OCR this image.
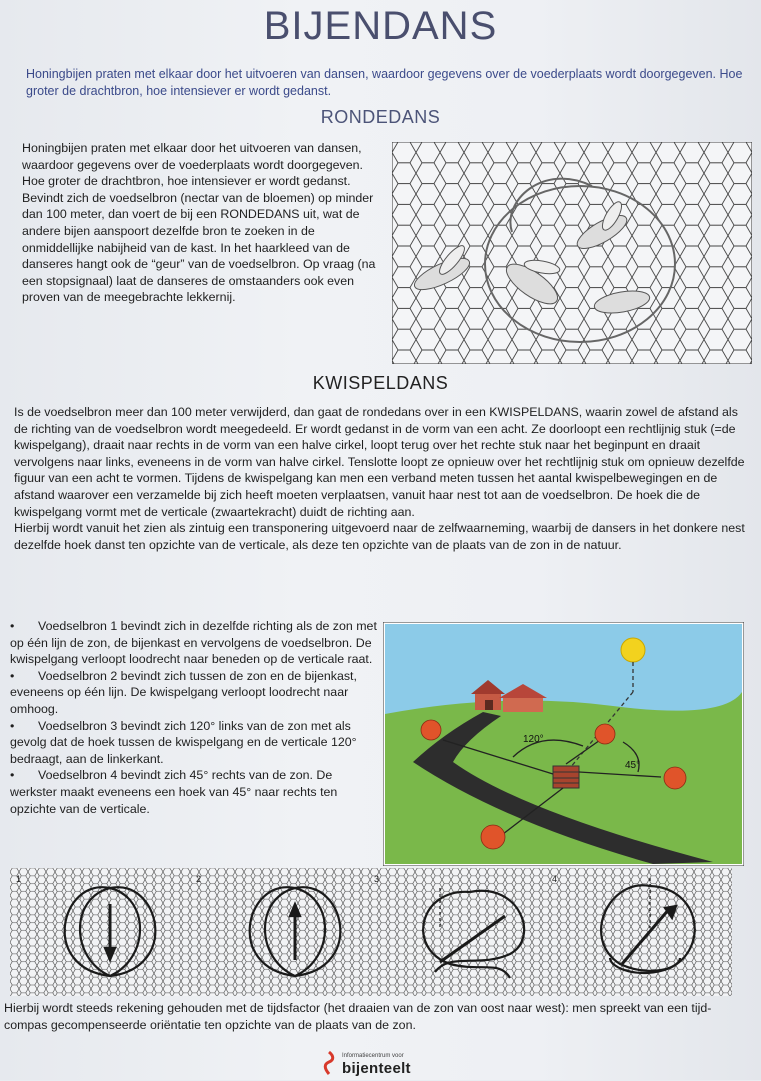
BIJENDANS
Honingbijen praten met elkaar door het uitvoeren van dansen, waardoor gegevens over de voederplaats wordt doorgegeven. Hoe groter de drachtbron, hoe intensiever er wordt gedanst.
RONDEDANS

Honingbijen praten met elkaar door het uitvoeren van dansen, waardoor gegevens over de voederplaats wordt doorgegeven. Hoe groter de drachtbron, hoe intensiever er wordt gedanst.

Bevindt zich de voedselbron (nectar van de bloemen) op minder dan 100 meter, dan voert de bij een RONDEDANS uit, wat de andere bijen aanspoort dezelfde bron te zoeken in de onmiddellijke nabijheid van de kast. In het haarkleed van de danseres hangt ook de “geur” van de voedselbron. Op vraag (na een stopsignaal) laat de danseres de omstaanders ook even proven van de meegebrachte lekkernij.

KWISPELDANS

Is de voedselbron meer dan 100 meter verwijderd, dan gaat de rondedans over in een KWISPELDANS, waarin zowel de afstand als de richting van de voedselbron wordt meegedeeld. Er wordt gedanst in de vorm van een acht. Ze doorloopt een rechtlijnig stuk (=de kwispelgang), draait naar rechts in de vorm van een halve cirkel, loopt terug over het rechte stuk naar het beginpunt en draait vervolgens naar links, eveneens in de vorm van halve cirkel. Tenslotte loopt ze opnieuw over het rechtlijnig stuk om opnieuw dezelfde figuur van een acht te vormen. Tijdens de kwispelgang kan men een verband meten tussen het aantal kwispelbewegingen en de afstand waarover een verzamelde bij zich heeft moeten verplaatsen, vanuit haar nest tot aan de voedselbron. De hoek die de kwispelgang vormt met de verticale (zwaartekracht) duidt de richting aan.

Hierbij wordt vanuit het zien als zintuig een transponering uitgevoerd naar de zelfwaarneming, waarbij de dansers in het donkere nest dezelfde hoek danst ten opzichte van de verticale, als deze ten opzichte van de plaats van de zon in de natuur.

• Voedselbron 1 bevindt zich in dezelfde richting als de zon met op één lijn de zon, de bijenkast en vervolgens de voedselbron. De kwispelgang verloopt loodrecht naar beneden op de verticale raat.

• Voedselbron 2 bevindt zich tussen de zon en de bijenkast, eveneens op één lijn. De kwispelgang verloopt loodrecht naar omhoog.

• Voedselbron 3 bevindt zich 120° links van de zon met als gevolg dat de hoek tussen de kwispelgang en de verticale 120° bedraagt, aan de linkerkant.

• Voedselbron 4 bevindt zich 45° rechts van de zon. De werkster maakt eveneens een hoek van 45° naar rechts ten opzichte van de verticale.

120°
45°
1	2	3	4
Hierbij wordt steeds rekening gehouden met de tijdsfactor (het draaien van de zon van oost naar west): men spreekt van een tijd-compas gecompenseerde oriëntatie ten opzichte van de plaats van de zon.
Informatiecentrum voor
bijenteelt
